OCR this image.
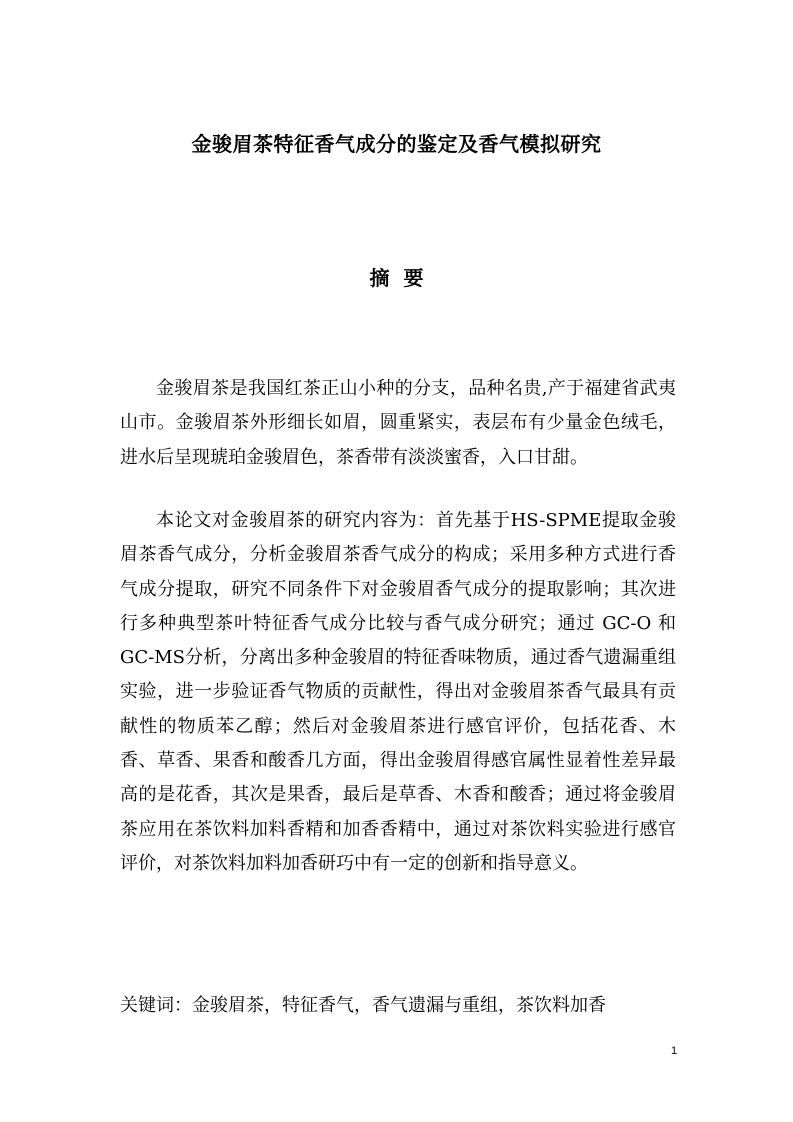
金骏眉茶特征香气成分的鉴定及香气模拟研究
摘  要

金骏眉茶是我国红茶正山小种的分支，品种名贵,产于福建省武夷山市。金骏眉茶外形细长如眉，圆重紧实，表层布有少量金色绒毛，进水后呈现琥珀金骏眉色，茶香带有淡淡蜜香，入口甘甜。

本论文对金骏眉茶的研究内容为：首先基于HS-SPME提取金骏眉茶香气成分，分析金骏眉茶香气成分的构成；采用多种方式进行香气成分提取，研究不同条件下对金骏眉香气成分的提取影响；其次进行多种典型茶叶特征香气成分比较与香气成分研究；通过 GC-O 和 GC-MS分析，分离出多种金骏眉的特征香味物质，通过香气遗漏重组实验，进一步验证香气物质的贡献性，得出对金骏眉茶香气最具有贡献性的物质苯乙醇；然后对金骏眉茶进行感官评价，包括花香、木香、草香、果香和酸香几方面，得出金骏眉得感官属性显着性差异最高的是花香，其次是果香，最后是草香、木香和酸香；通过将金骏眉茶应用在茶饮料加料香精和加香香精中，通过对茶饮料实验进行感官评价，对茶饮料加料加香研巧中有一定的创新和指导意义。

关键词：金骏眉茶，特征香气，香气遗漏与重组，茶饮料加香

1
